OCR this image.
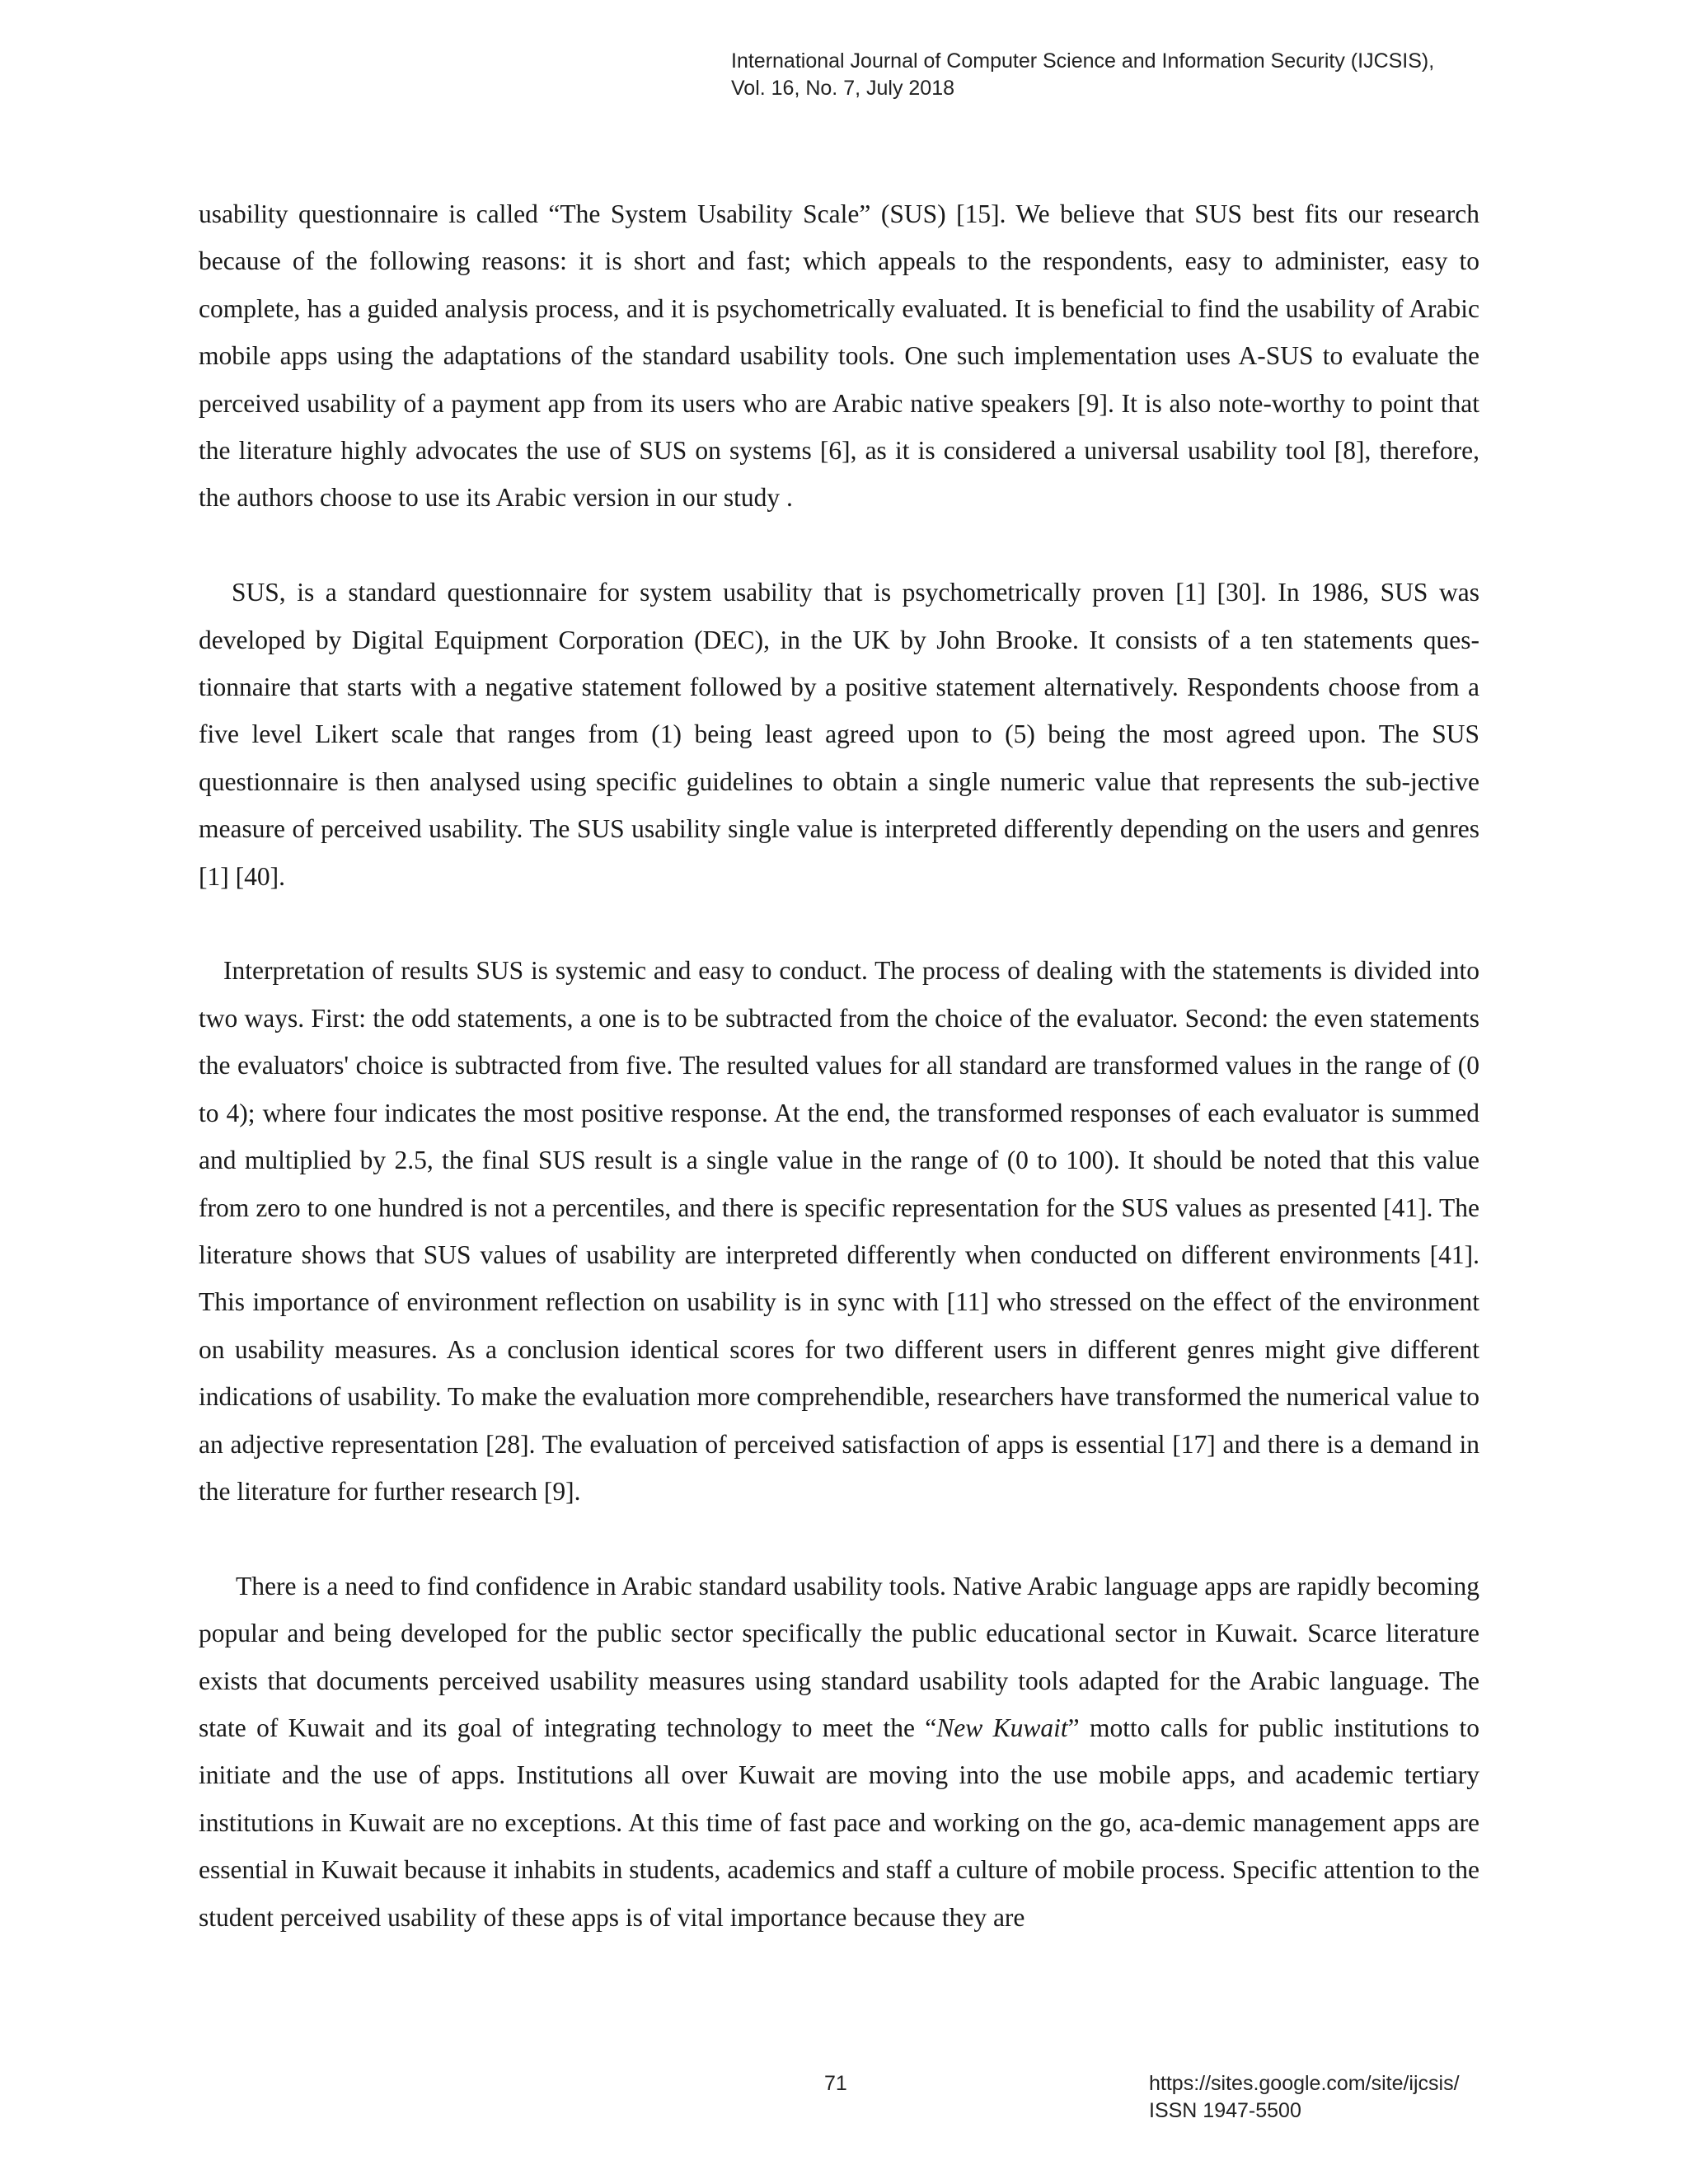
International Journal of Computer Science and Information Security (IJCSIS),
Vol. 16, No. 7, July 2018

usability questionnaire is called “The System Usability Scale” (SUS) [15]. We believe that SUS best fits our research because of the following reasons: it is short and fast; which appeals to the respondents, easy to administer, easy to complete, has a guided analysis process, and it is psychometrically evaluated. It is beneficial to find the usability of Arabic mobile apps using the adaptations of the standard usability tools. One such implementation uses A-SUS to evaluate the perceived usability of a payment app from its users who are Arabic native speakers [9]. It is also note-worthy to point that the literature highly advocates the use of SUS on systems [6], as it is considered a universal usability tool [8], therefore, the authors choose to use its Arabic version in our study .

SUS, is a standard questionnaire for system usability that is psychometrically proven [1] [30]. In 1986, SUS was developed by Digital Equipment Corporation (DEC), in the UK by John Brooke. It consists of a ten statements ques-tionnaire that starts with a negative statement followed by a positive statement alternatively. Respondents choose from a five level Likert scale that ranges from (1) being least agreed upon to (5) being the most agreed upon. The SUS questionnaire is then analysed using specific guidelines to obtain a single numeric value that represents the sub-jective measure of perceived usability. The SUS usability single value is interpreted differently depending on the users and genres [1] [40].

Interpretation of results SUS is systemic and easy to conduct. The process of dealing with the statements is divided into two ways. First: the odd statements, a one is to be subtracted from the choice of the evaluator. Second: the even statements the evaluators' choice is subtracted from five. The resulted values for all standard are transformed values in the range of (0 to 4); where four indicates the most positive response. At the end, the transformed responses of each evaluator is summed and multiplied by 2.5, the final SUS result is a single value in the range of (0 to 100). It should be noted that this value from zero to one hundred is not a percentiles, and there is specific representation for the SUS values as presented [41]. The literature shows that SUS values of usability are interpreted differently when conducted on different environments [41]. This importance of environment reflection on usability is in sync with [11] who stressed on the effect of the environment on usability measures. As a conclusion identical scores for two different users in different genres might give different indications of usability. To make the evaluation more comprehendible, researchers have transformed the numerical value to an adjective representation [28]. The evaluation of perceived satisfaction of apps is essential [17] and there is a demand in the literature for further research [9].

There is a need to find confidence in Arabic standard usability tools. Native Arabic language apps are rapidly becoming popular and being developed for the public sector specifically the public educational sector in Kuwait. Scarce literature exists that documents perceived usability measures using standard usability tools adapted for the Arabic language. The state of Kuwait and its goal of integrating technology to meet the “New Kuwait” motto calls for public institutions to initiate and the use of apps. Institutions all over Kuwait are moving into the use mobile apps, and academic tertiary institutions in Kuwait are no exceptions. At this time of fast pace and working on the go, aca-demic management apps are essential in Kuwait because it inhabits in students, academics and staff a culture of mobile process. Specific attention to the student perceived usability of these apps is of vital importance because they are

71	https://sites.google.com/site/ijcsis/
ISSN 1947-5500
